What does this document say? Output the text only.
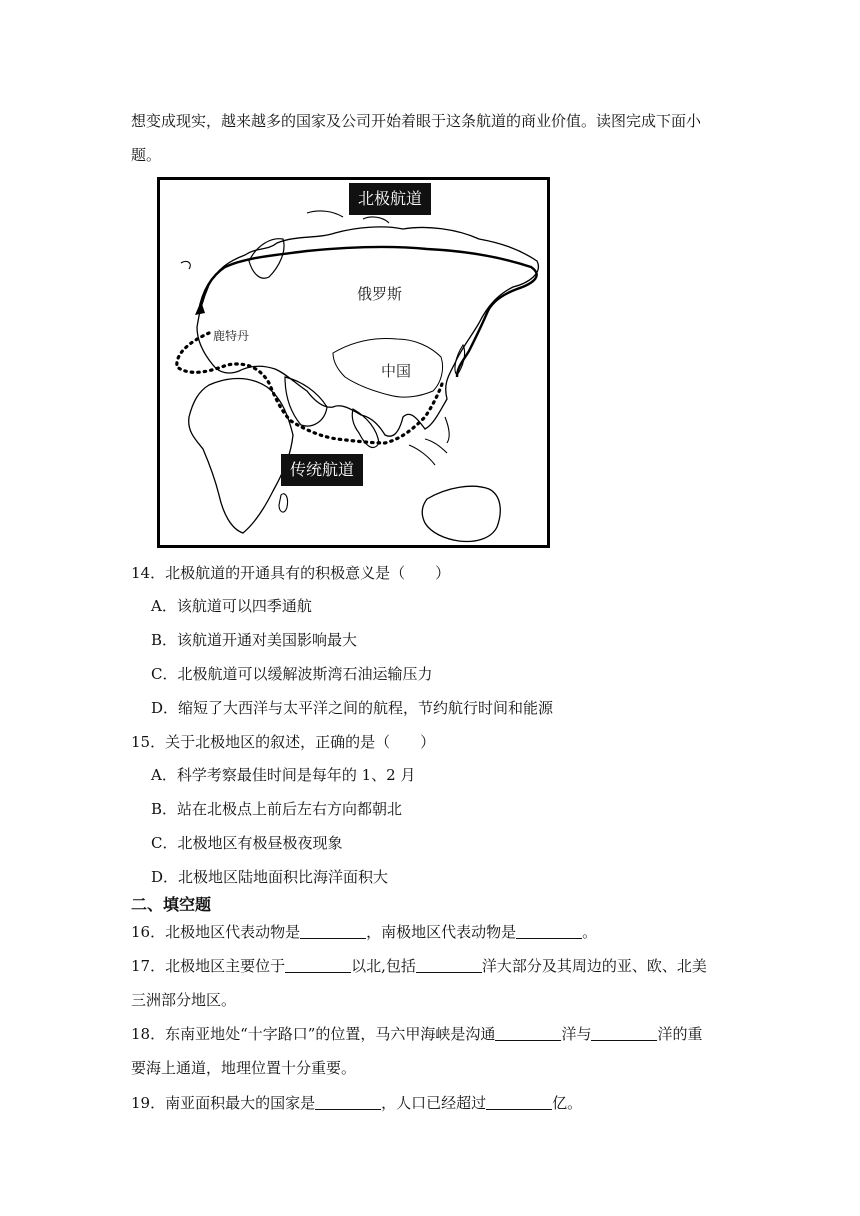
想变成现实，越来越多的国家及公司开始着眼于这条航道的商业价值。读图完成下面小
题。
北极航道
俄罗斯
鹿特丹
中国
传统航道
14．北极航道的开通具有的积极意义是（　　）
A．该航道可以四季通航
B．该航道开通对美国影响最大
C．北极航道可以缓解波斯湾石油运输压力
D．缩短了大西洋与太平洋之间的航程，节约航行时间和能源
15．关于北极地区的叙述，正确的是（　　）
A．科学考察最佳时间是每年的 1、2 月
B．站在北极点上前后左右方向都朝北
C．北极地区有极昼极夜现象
D．北极地区陆地面积比海洋面积大
二、填空题
16．北极地区代表动物是	，南极地区代表动物是	。
17．北极地区主要位于	以北,包括	洋大部分及其周边的亚、欧、北美
三洲部分地区。
18．东南亚地处“十字路口”的位置，马六甲海峡是沟通	洋与	洋的重
要海上通道，地理位置十分重要。
19．南亚面积最大的国家是	，人口已经超过	亿。
